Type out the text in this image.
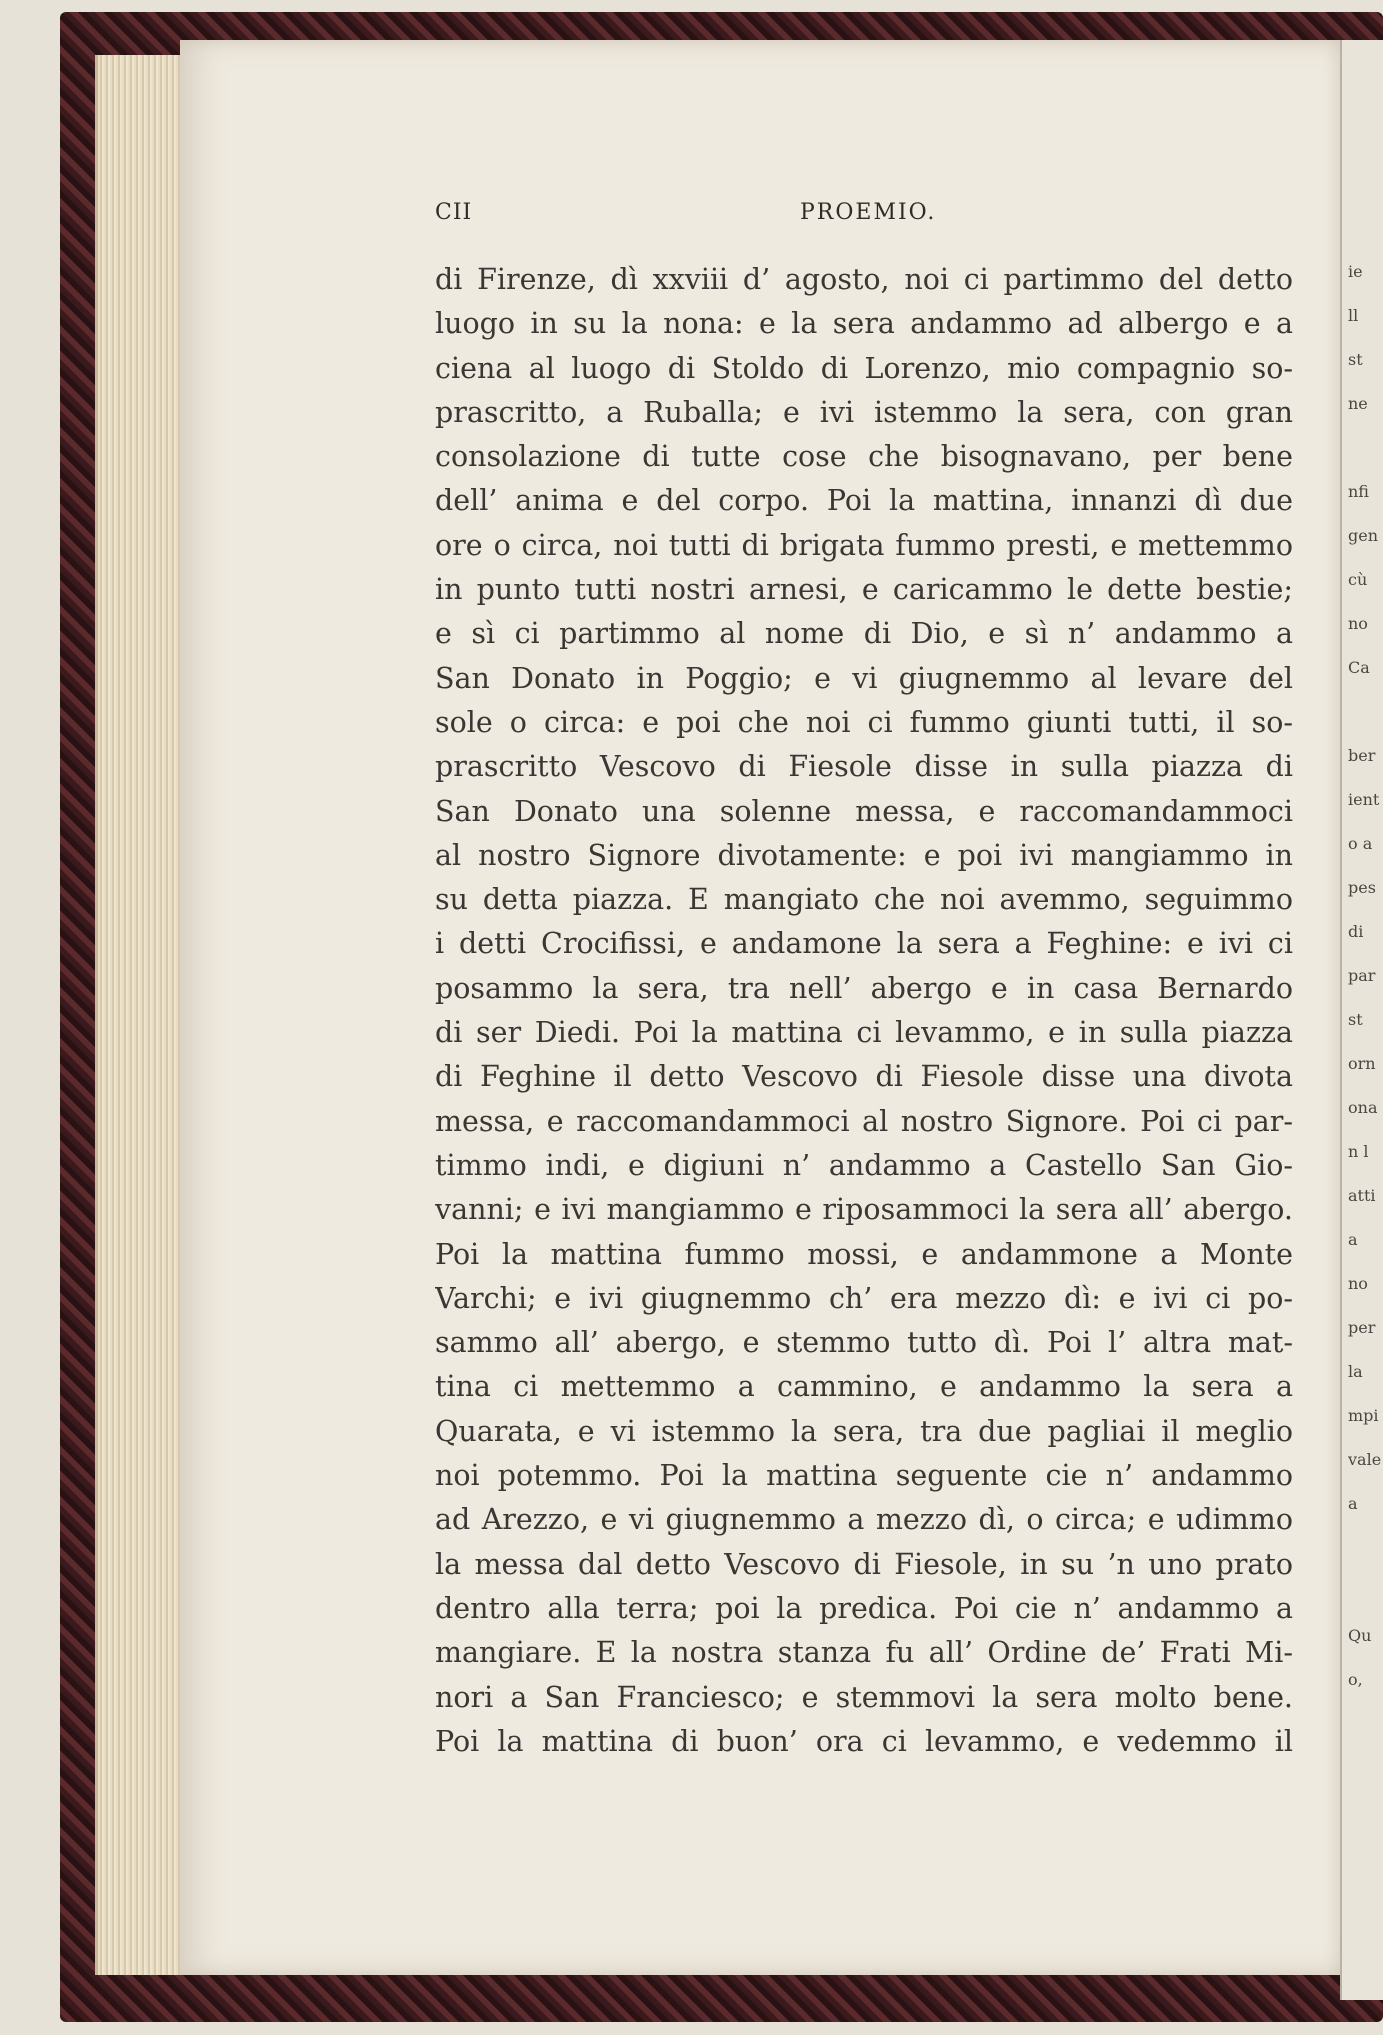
CII	PROEMIO.
di Firenze, dì xxviii d’ agosto, noi ci partimmo del detto
luogo in su la nona: e la sera andammo ad albergo e a
ciena al luogo di Stoldo di Lorenzo, mio compagnio so-
prascritto, a Ruballa; e ivi istemmo la sera, con gran
consolazione di tutte cose che bisognavano, per bene
dell’ anima e del corpo. Poi la mattina, innanzi dì due
ore o circa, noi tutti di brigata fummo presti, e mettemmo
in punto tutti nostri arnesi, e caricammo le dette bestie;
e sì ci partimmo al nome di Dio, e sì n’ andammo a
San Donato in Poggio; e vi giugnemmo al levare del
sole o circa: e poi che noi ci fummo giunti tutti, il so-
prascritto Vescovo di Fiesole disse in sulla piazza di
San Donato una solenne messa, e raccomandammoci
al nostro Signore divotamente: e poi ivi mangiammo in
su detta piazza. E mangiato che noi avemmo, seguimmo
i detti Crocifissi, e andamone la sera a Feghine: e ivi ci
posammo la sera, tra nell’ abergo e in casa Bernardo
di ser Diedi. Poi la mattina ci levammo, e in sulla piazza
di Feghine il detto Vescovo di Fiesole disse una divota
messa, e raccomandammoci al nostro Signore. Poi ci par-
timmo indi, e digiuni n’ andammo a Castello San Gio-
vanni; e ivi mangiammo e riposammoci la sera all’ abergo.
Poi la mattina fummo mossi, e andammone a Monte
Varchi; e ivi giugnemmo ch’ era mezzo dì: e ivi ci po-
sammo all’ abergo, e stemmo tutto dì. Poi l’ altra mat-
tina ci mettemmo a cammino, e andammo la sera a
Quarata, e vi istemmo la sera, tra due pagliai il meglio
noi potemmo. Poi la mattina seguente cie n’ andammo
ad Arezzo, e vi giugnemmo a mezzo dì, o circa; e udimmo
la messa dal detto Vescovo di Fiesole, in su ’n uno prato
dentro alla terra; poi la predica. Poi cie n’ andammo a
mangiare. E la nostra stanza fu all’ Ordine de’ Frati Mi-
nori a San Franciesco; e stemmovi la sera molto bene.
Poi la mattina di buon’ ora ci levammo, e vedemmo il
ie
ll
st
ne
nfi
gen
cù
no
Ca
ber
ient
o a
pes
di
par
st
orn
ona
n l
atti
a
no
per
la
mpi
vale
a
Qu
o,
